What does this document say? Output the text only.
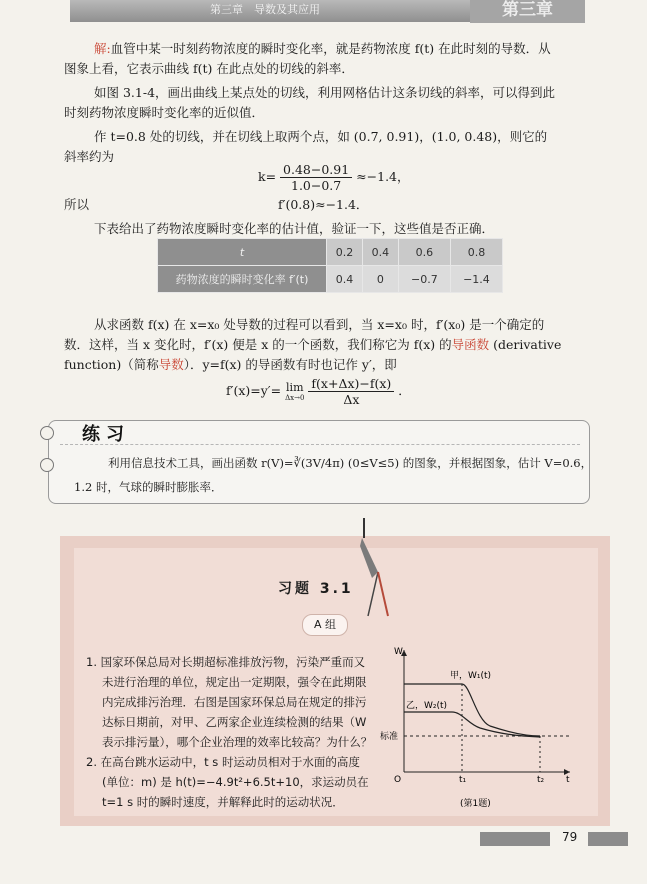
第三章　导数及其应用	第三章
解:血管中某一时刻药物浓度的瞬时变化率，就是药物浓度 f(t) 在此时刻的导数．从
图象上看，它表示曲线 f(t) 在此点处的切线的斜率．
如图 3.1-4，画出曲线上某点处的切线，利用网格估计这条切线的斜率，可以得到此
时刻药物浓度瞬时变化率的近似值．
作 t=0.8 处的切线，并在切线上取两个点，如 (0.7, 0.91)，(1.0, 0.48)，则它的
斜率约为
$k= \frac{0.48-0.91}{1.0-0.7} \approx-1.4$，
所以	f′(0.8)≈−1.4．
下表给出了药物浓度瞬时变化率的估计值，验证一下，这些值是否正确．
t	0.2	0.4	0.6	0.8
药物浓度的瞬时变化率 f′(t)	0.4	0	−0.7	−1.4
从求函数 f(x) 在 x=x₀ 处导数的过程可以看到，当 x=x₀ 时，f′(x₀) 是一个确定的
数．这样，当 x 变化时，f′(x) 便是 x 的一个函数，我们称它为 f(x) 的导函数 (derivative
function)（简称导数）．y=f(x) 的导函数有时也记作 y′，即
f′(x)=y′= lim
Δx→0
$\frac{f(x+\Delta x)-f(x)}{\Delta x}$ ．
练习
利用信息技术工具，画出函数 r(V)=∛(3V/4π) (0≤V≤5) 的图象，并根据图象，估计 V=0.6，
1.2 时，气球的瞬时膨胀率．
习题 3.1
A 组
1. 国家环保总局对长期超标准排放污物，污染严重而又
未进行治理的单位，规定出一定期限，强令在此期限
内完成排污治理．右图是国家环保总局在规定的排污
达标日期前，对甲、乙两家企业连续检测的结果（W
表示排污量），哪个企业治理的效率比较高？为什么？
2. 在高台跳水运动中，t s 时运动员相对于水面的高度
(单位：m) 是 h(t)=−4.9t²+6.5t+10，求运动员在
t=1 s 时的瞬时速度，并解释此时的运动状况．
W
甲，W₁(t)
乙，W₂(t)
标准
O	t₁	t₂ t
(第1题)
79
